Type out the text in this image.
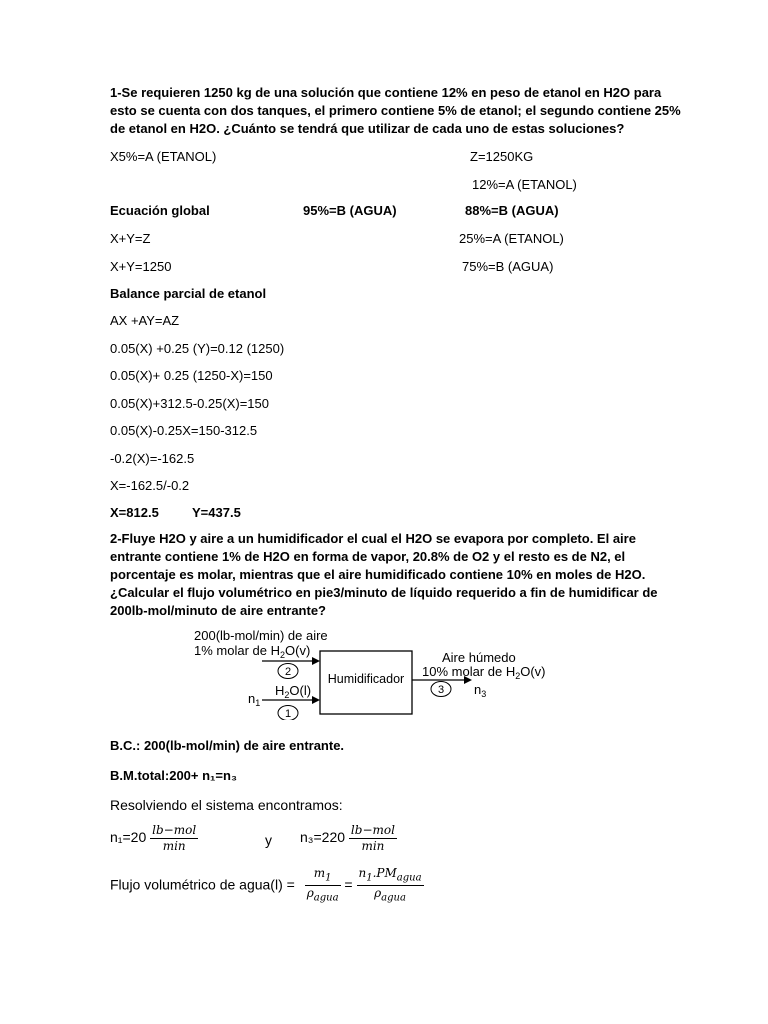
1-Se requieren 1250 kg de una solución que contiene 12% en peso de etanol en H2O para
esto se cuenta con dos tanques, el primero contiene 5% de etanol; el segundo contiene 25%
de etanol en H2O. ¿Cuánto se tendrá que utilizar de cada uno de estas soluciones?
X5%=A (ETANOL)	Z=1250KG
12%=A (ETANOL)
Ecuación global	95%=B (AGUA)	88%=B (AGUA)
X+Y=Z	25%=A (ETANOL)
X+Y=1250	75%=B (AGUA)
Balance parcial de etanol
AX +AY=AZ
0.05(X) +0.25 (Y)=0.12 (1250)
0.05(X)+ 0.25 (1250-X)=150
0.05(X)+312.5-0.25(X)=150
0.05(X)-0.25X=150-312.5
-0.2(X)=-162.5
X=-162.5/-0.2
X=812.5	Y=437.5
2-Fluye H2O y aire a un humidificador el cual el H2O se evapora por completo. El aire
entrante contiene 1% de H2O en forma de vapor, 20.8% de O2 y el resto es de N2, el
porcentaje es molar, mientras que el aire humidificado contiene 10% en moles de H2O.
¿Calcular el flujo volumétrico en pie3/minuto de líquido requerido a fin de humidificar de
200lb-mol/minuto de aire entrante?
200(lb-mol/min) de aire
1% molar de $H_2O(v)$
2
$H_2O(l)$
$n_1$
1
Humidificador
Aire húmedo
10% molar de $H_2O(v)$
3 $n_3$
B.C.: 200(lb-mol/min) de aire entrante.
B.M.total:200+ n₁=n₃
Resolviendo el sistema encontramos:
$n_1=20 \frac{\text{lb−mol}}{\min}$	y $n_3=220 \frac{\text{lb−mol}}{\min}$
Flujo volumétrico de agua(l) = $\frac{m_1}{\rho_{agua}} = \frac{n_1.PM_{agua}}{\rho_{agua}}$
